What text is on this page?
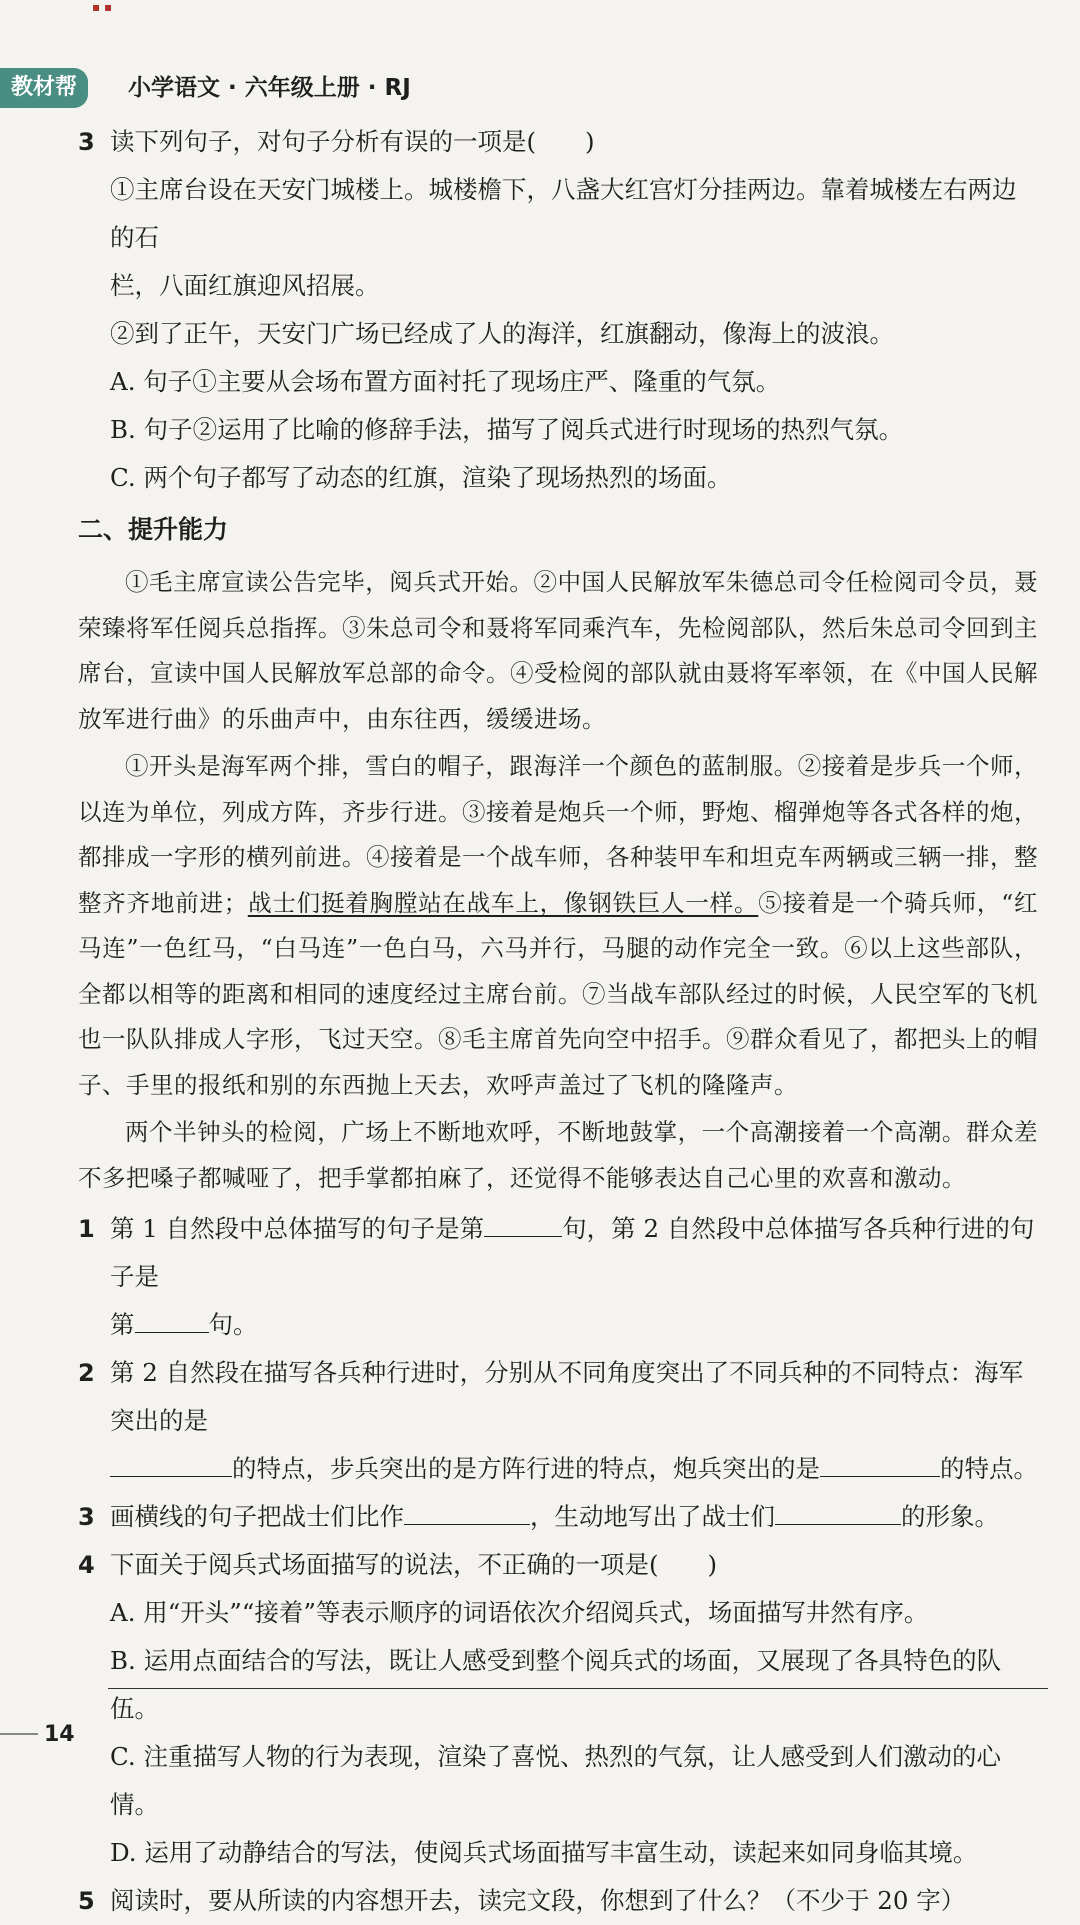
▪ ▪
教材帮	小学语文 · 六年级上册 · RJ
3 读下列句子，对句子分析有误的一项是(　　)
①主席台设在天安门城楼上。城楼檐下，八盏大红宫灯分挂两边。靠着城楼左右两边的石
栏，八面红旗迎风招展。
②到了正午，天安门广场已经成了人的海洋，红旗翻动，像海上的波浪。
A. 句子①主要从会场布置方面衬托了现场庄严、隆重的气氛。
B. 句子②运用了比喻的修辞手法，描写了阅兵式进行时现场的热烈气氛。
C. 两个句子都写了动态的红旗，渲染了现场热烈的场面。
二、提升能力
①毛主席宣读公告完毕，阅兵式开始。②中国人民解放军朱德总司令任检阅司令员，聂荣臻将军任阅兵总指挥。③朱总司令和聂将军同乘汽车，先检阅部队，然后朱总司令回到主席台，宣读中国人民解放军总部的命令。④受检阅的部队就由聂将军率领，在《中国人民解放军进行曲》的乐曲声中，由东往西，缓缓进场。
①开头是海军两个排，雪白的帽子，跟海洋一个颜色的蓝制服。②接着是步兵一个师，以连为单位，列成方阵，齐步行进。③接着是炮兵一个师，野炮、榴弹炮等各式各样的炮，都排成一字形的横列前进。④接着是一个战车师，各种装甲车和坦克车两辆或三辆一排，整整齐齐地前进；战士们挺着胸膛站在战车上，像钢铁巨人一样。⑤接着是一个骑兵师，“红马连”一色红马，“白马连”一色白马，六马并行，马腿的动作完全一致。⑥以上这些部队，全都以相等的距离和相同的速度经过主席台前。⑦当战车部队经过的时候，人民空军的飞机也一队队排成人字形，飞过天空。⑧毛主席首先向空中招手。⑨群众看见了，都把头上的帽子、手里的报纸和别的东西抛上天去，欢呼声盖过了飞机的隆隆声。
两个半钟头的检阅，广场上不断地欢呼，不断地鼓掌，一个高潮接着一个高潮。群众差不多把嗓子都喊哑了，把手掌都拍麻了，还觉得不能够表达自己心里的欢喜和激动。
1 第 1 自然段中总体描写的句子是第	句，第 2 自然段中总体描写各兵种行进的句子是
第	句。
2 第 2 自然段在描写各兵种行进时，分别从不同角度突出了不同兵种的不同特点：海军突出的是
的特点，步兵突出的是方阵行进的特点，炮兵突出的是	的特点。
3 画横线的句子把战士们比作	，生动地写出了战士们	的形象。
4 下面关于阅兵式场面描写的说法，不正确的一项是(　　)
A. 用“开头”“接着”等表示顺序的词语依次介绍阅兵式，场面描写井然有序。
B. 运用点面结合的写法，既让人感受到整个阅兵式的场面，又展现了各具特色的队伍。
C. 注重描写人物的行为表现，渲染了喜悦、热烈的气氛，让人感受到人们激动的心情。
D. 运用了动静结合的写法，使阅兵式场面描写丰富生动，读起来如同身临其境。
5 阅读时，要从所读的内容想开去，读完文段，你想到了什么？（不少于 20 字）
14
